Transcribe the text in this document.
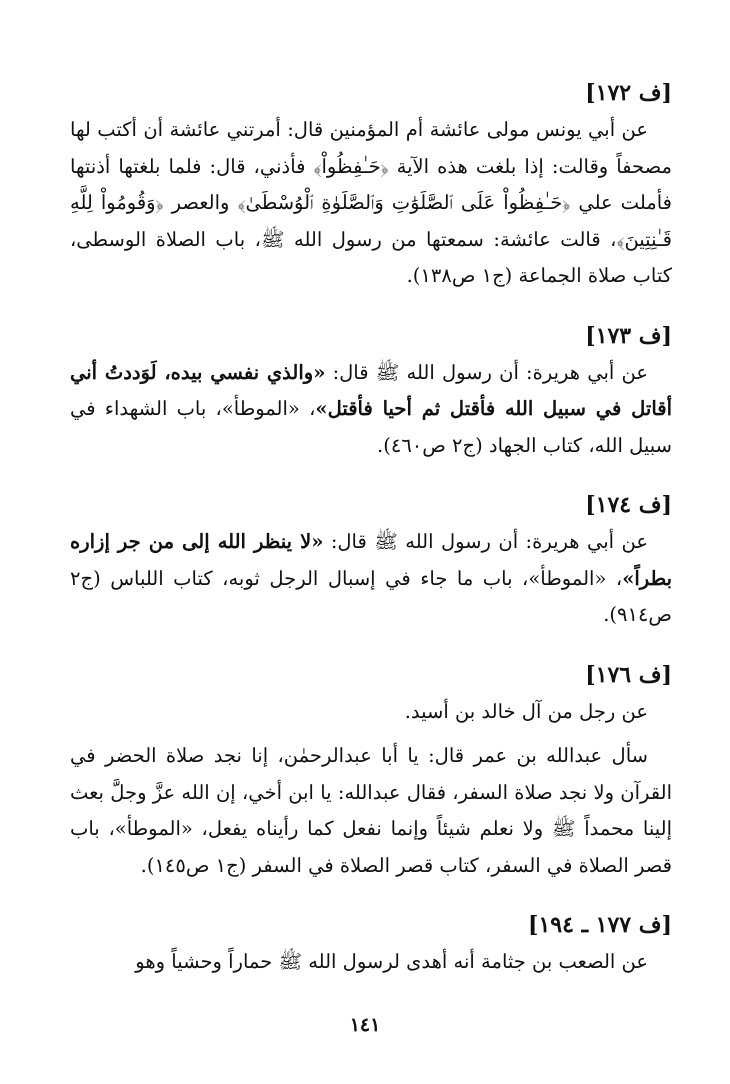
[ف ١٧٢]

عن أبي يونس مولى عائشة أم المؤمنين قال: أمرتني عائشة أن أكتب لها مصحفاً وقالت: إذا بلغت هذه الآية ﴿حَـٰفِظُواْ﴾ فأذني، قال: فلما بلغتها أذنتها فأملت علي ﴿حَـٰفِظُواْ عَلَى ٱلصَّلَوَٰتِ وَٱلصَّلَوٰةِ ٱلْوُسْطَىٰ﴾ والعصر ﴿وَقُومُواْ لِلَّهِ قَـٰنِتِينَ﴾، قالت عائشة: سمعتها من رسول الله ﷺ، باب الصلاة الوسطى، كتاب صلاة الجماعة (ج١ ص١٣٨).

[ف ١٧٣]

عن أبي هريرة: أن رسول الله ﷺ قال: «والذي نفسي بيده، لَوَددتُ أني أقاتل في سبيل الله فأقتل ثم أحيا فأقتل»، «الموطأ»، باب الشهداء في سبيل الله، كتاب الجهاد (ج٢ ص٤٦٠).

[ف ١٧٤]

عن أبي هريرة: أن رسول الله ﷺ قال: «لا ينظر الله إلى من جر إزاره بطراً»، «الموطأ»، باب ما جاء في إسبال الرجل ثوبه، كتاب اللباس (ج٢ ص٩١٤).

[ف ١٧٦]

عن رجل من آل خالد بن أسيد.

سأل عبدالله بن عمر قال: يا أبا عبدالرحمٰن، إنا نجد صلاة الحضر في القرآن ولا نجد صلاة السفر، فقال عبدالله: يا ابن أخي، إن الله عزَّ وجلَّ بعث إلينا محمداً ﷺ ولا نعلم شيئاً وإنما نفعل كما رأيناه يفعل، «الموطأ»، باب قصر الصلاة في السفر، كتاب قصر الصلاة في السفر (ج١ ص١٤٥).

[ف ١٧٧ ـ ١٩٤]

عن الصعب بن جثامة أنه أهدى لرسول الله ﷺ حماراً وحشياً وهو

١٤١
